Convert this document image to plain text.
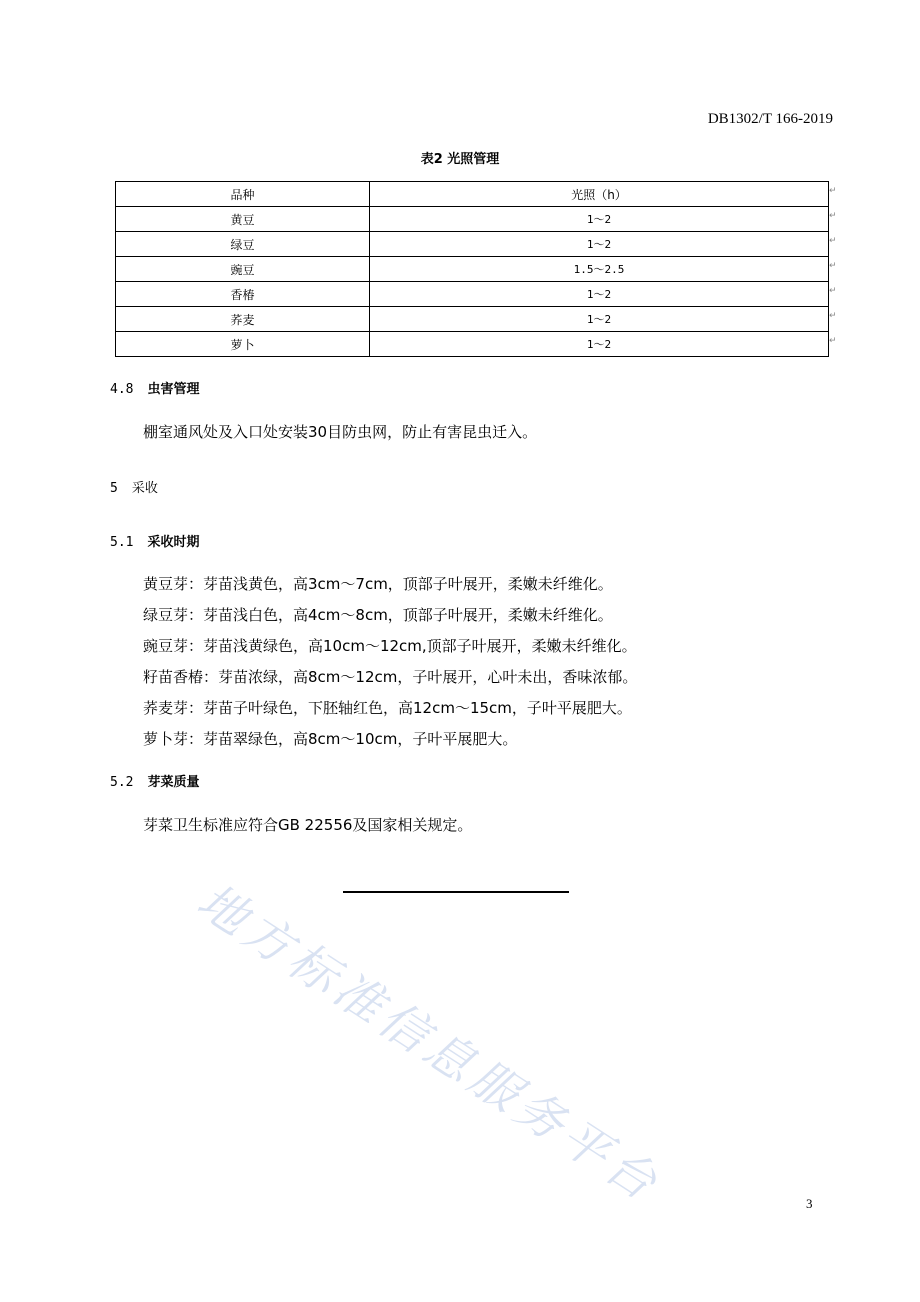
DB1302/T 166-2019
表2 光照管理
品种	光照（h）
黄豆	1～2
绿豆	1～2
豌豆	1.5～2.5
香椿	1～2
荞麦	1～2
萝卜	1～2
↵
↵
↵
↵
↵
↵
↵
4.8 虫害管理
棚室通风处及入口处安装30目防虫网，防止有害昆虫迁入。
5 采收
5.1 采收时期
黄豆芽：芽苗浅黄色，高3cm～7cm，顶部子叶展开，柔嫩未纤维化。
绿豆芽：芽苗浅白色，高4cm～8cm，顶部子叶展开，柔嫩未纤维化。
豌豆芽：芽苗浅黄绿色，高10cm～12cm,顶部子叶展开，柔嫩未纤维化。
籽苗香椿：芽苗浓绿，高8cm～12cm，子叶展开，心叶未出，香味浓郁。
荞麦芽：芽苗子叶绿色，下胚轴红色，高12cm～15cm，子叶平展肥大。
萝卜芽：芽苗翠绿色，高8cm～10cm，子叶平展肥大。
5.2 芽菜质量
芽菜卫生标准应符合GB 22556及国家相关规定。
地方标准信息服务平台	3
